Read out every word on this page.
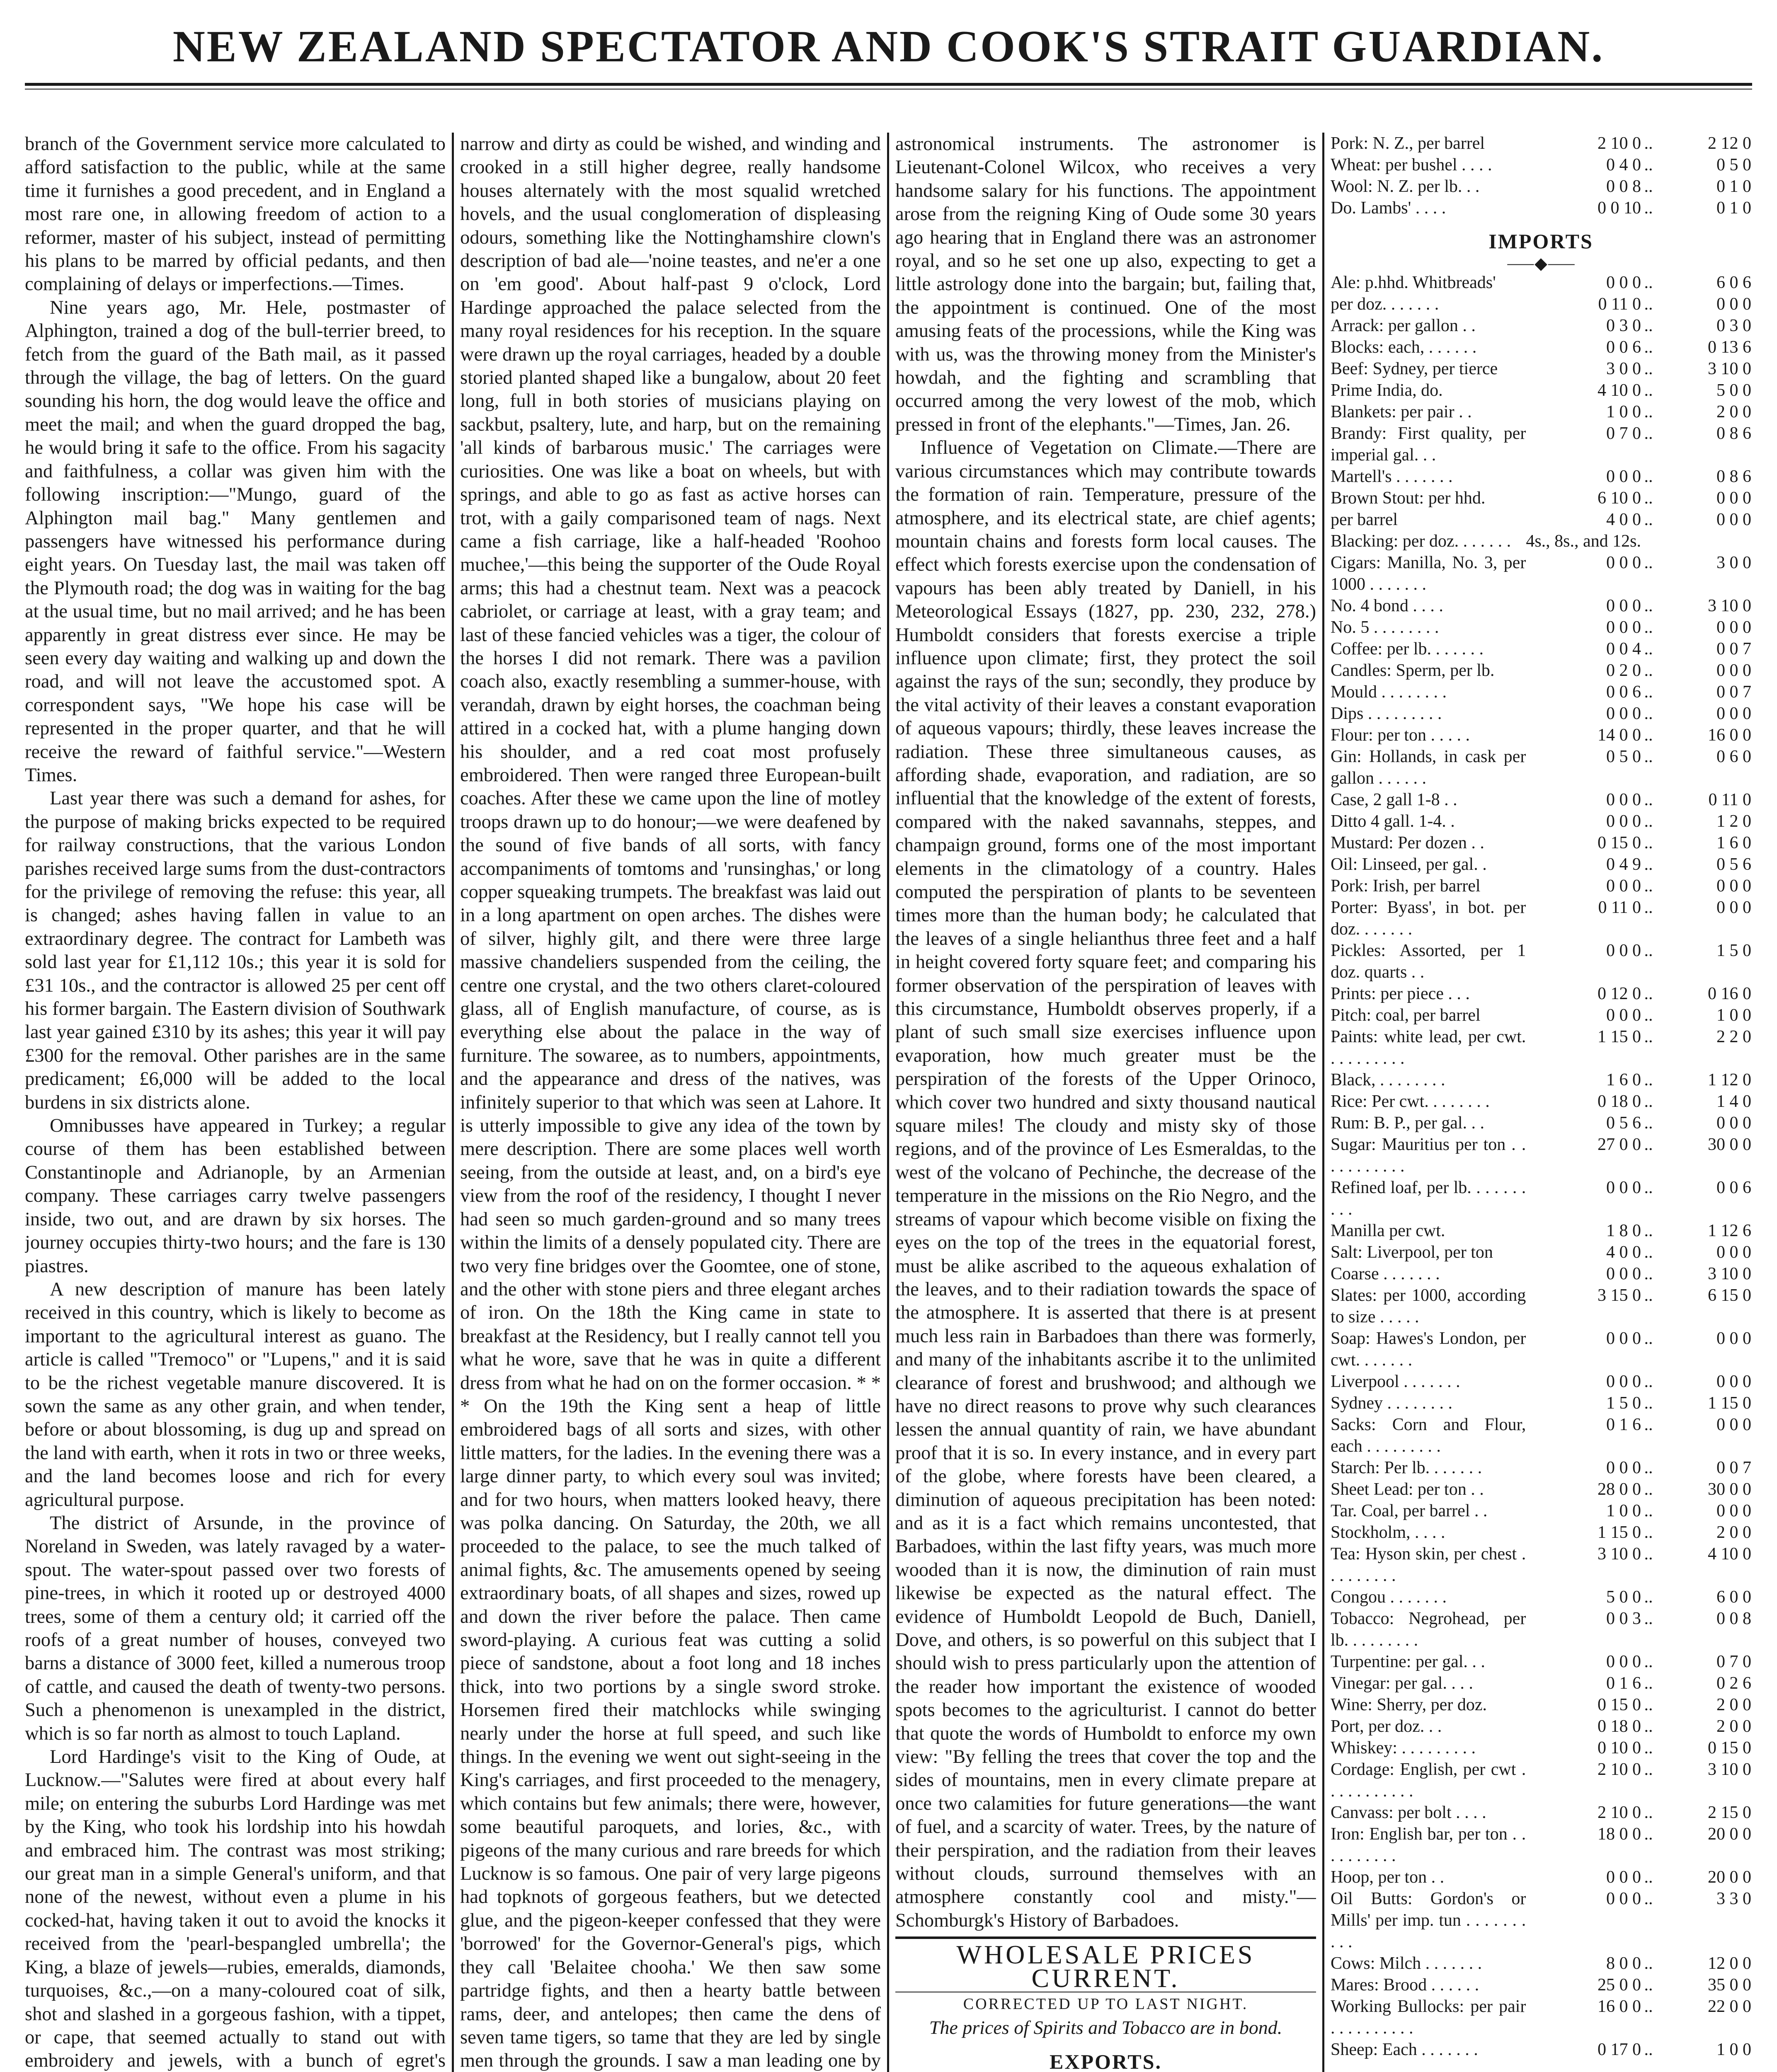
NEW ZEALAND SPECTATOR AND COOK'S STRAIT GUARDIAN.

branch of the Government service more calculated to afford satisfaction to the public, while at the same time it furnishes a good precedent, and in England a most rare one, in allowing freedom of action to a reformer, master of his subject, instead of permitting his plans to be marred by official pedants, and then complaining of delays or imperfections.—Times.

Nine years ago, Mr. Hele, postmaster of Alphington, trained a dog of the bull-terrier breed, to fetch from the guard of the Bath mail, as it passed through the village, the bag of letters. On the guard sounding his horn, the dog would leave the office and meet the mail; and when the guard dropped the bag, he would bring it safe to the office. From his sagacity and faithfulness, a collar was given him with the following inscription:—"Mungo, guard of the Alphington mail bag." Many gentlemen and passengers have witnessed his performance during eight years. On Tuesday last, the mail was taken off the Plymouth road; the dog was in waiting for the bag at the usual time, but no mail arrived; and he has been apparently in great distress ever since. He may be seen every day waiting and walking up and down the road, and will not leave the accustomed spot. A correspondent says, "We hope his case will be represented in the proper quarter, and that he will receive the reward of faithful service."—Western Times.

Last year there was such a demand for ashes, for the purpose of making bricks expected to be required for railway constructions, that the various London parishes received large sums from the dust-contractors for the privilege of removing the refuse: this year, all is changed; ashes having fallen in value to an extraordinary degree. The contract for Lambeth was sold last year for £1,112 10s.; this year it is sold for £31 10s., and the contractor is allowed 25 per cent off his former bargain. The Eastern division of Southwark last year gained £310 by its ashes; this year it will pay £300 for the removal. Other parishes are in the same predicament; £6,000 will be added to the local burdens in six districts alone.

Omnibusses have appeared in Turkey; a regular course of them has been established between Constantinople and Adrianople, by an Armenian company. These carriages carry twelve passengers inside, two out, and are drawn by six horses. The journey occupies thirty-two hours; and the fare is 130 piastres.

A new description of manure has been lately received in this country, which is likely to become as important to the agricultural interest as guano. The article is called "Tremoco" or "Lupens," and it is said to be the richest vegetable manure discovered. It is sown the same as any other grain, and when tender, before or about blossoming, is dug up and spread on the land with earth, when it rots in two or three weeks, and the land becomes loose and rich for every agricultural purpose.

The district of Arsunde, in the province of Noreland in Sweden, was lately ravaged by a water-spout. The water-spout passed over two forests of pine-trees, in which it rooted up or destroyed 4000 trees, some of them a century old; it carried off the roofs of a great number of houses, conveyed two barns a distance of 3000 feet, killed a numerous troop of cattle, and caused the death of twenty-two persons. Such a phenomenon is unexampled in the district, which is so far north as almost to touch Lapland.

Lord Hardinge's visit to the King of Oude, at Lucknow.—"Salutes were fired at about every half mile; on entering the suburbs Lord Hardinge was met by the King, who took his lordship into his howdah and embraced him. The contrast was most striking; our great man in a simple General's uniform, and that none of the newest, without even a plume in his cocked-hat, having taken it out to avoid the knocks it received from the 'pearl-bespangled umbrella'; the King, a blaze of jewels—rubies, emeralds, diamonds, turquoises, &c.,—on a many-coloured coat of silk, shot and slashed in a gorgeous fashion, with a tippet, or cape, that seemed actually to stand out with embroidery and jewels, with a bunch of egret's

narrow and dirty as could be wished, and winding and crooked in a still higher degree, really handsome houses alternately with the most squalid wretched hovels, and the usual conglomeration of displeasing odours, something like the Nottinghamshire clown's description of bad ale—'noine teastes, and ne'er a one on 'em good'. About half-past 9 o'clock, Lord Hardinge approached the palace selected from the many royal residences for his reception. In the square were drawn up the royal carriages, headed by a double storied planted shaped like a bungalow, about 20 feet long, full in both stories of musicians playing on sackbut, psaltery, lute, and harp, but on the remaining 'all kinds of barbarous music.' The carriages were curiosities. One was like a boat on wheels, but with springs, and able to go as fast as active horses can trot, with a gaily comparisoned team of nags. Next came a fish carriage, like a half-headed 'Roohoo muchee,'—this being the supporter of the Oude Royal arms; this had a chestnut team. Next was a peacock cabriolet, or carriage at least, with a gray team; and last of these fancied vehicles was a tiger, the colour of the horses I did not remark. There was a pavilion coach also, exactly resembling a summer-house, with verandah, drawn by eight horses, the coachman being attired in a cocked hat, with a plume hanging down his shoulder, and a red coat most profusely embroidered. Then were ranged three European-built coaches. After these we came upon the line of motley troops drawn up to do honour;—we were deafened by the sound of five bands of all sorts, with fancy accompaniments of tomtoms and 'runsinghas,' or long copper squeaking trumpets. The breakfast was laid out in a long apartment on open arches. The dishes were of silver, highly gilt, and there were three large massive chandeliers suspended from the ceiling, the centre one crystal, and the two others claret-coloured glass, all of English manufacture, of course, as is everything else about the palace in the way of furniture. The sowaree, as to numbers, appointments, and the appearance and dress of the natives, was infinitely superior to that which was seen at Lahore. It is utterly impossible to give any idea of the town by mere description. There are some places well worth seeing, from the outside at least, and, on a bird's eye view from the roof of the residency, I thought I never had seen so much garden-ground and so many trees within the limits of a densely populated city. There are two very fine bridges over the Goomtee, one of stone, and the other with stone piers and three elegant arches of iron. On the 18th the King came in state to breakfast at the Residency, but I really cannot tell you what he wore, save that he was in quite a different dress from what he had on on the former occasion. * * * On the 19th the King sent a heap of little embroidered bags of all sorts and sizes, with other little matters, for the ladies. In the evening there was a large dinner party, to which every soul was invited; and for two hours, when matters looked heavy, there was polka dancing. On Saturday, the 20th, we all proceeded to the palace, to see the much talked of animal fights, &c. The amusements opened by seeing extraordinary boats, of all shapes and sizes, rowed up and down the river before the palace. Then came sword-playing. A curious feat was cutting a solid piece of sandstone, about a foot long and 18 inches thick, into two portions by a single sword stroke. Horsemen fired their matchlocks while swinging nearly under the horse at full speed, and such like things. In the evening we went out sight-seeing in the King's carriages, and first proceeded to the menagery, which contains but few animals; there were, however, some beautiful paroquets, and lories, &c., with pigeons of the many curious and rare breeds for which Lucknow is so famous. One pair of very large pigeons had topknots of gorgeous feathers, but we detected glue, and the pigeon-keeper confessed that they were 'borrowed' for the Governor-General's pigs, which they call 'Belaitee chooha.' We then saw some partridge fights, and then a hearty battle between rams, deer, and antelopes; then came the dens of seven tame tigers, so tame that they are led by single men through the grounds. I saw a man leading one by

astronomical instruments. The astronomer is Lieutenant-Colonel Wilcox, who receives a very handsome salary for his functions. The appointment arose from the reigning King of Oude some 30 years ago hearing that in England there was an astronomer royal, and so he set one up also, expecting to get a little astrology done into the bargain; but, failing that, the appointment is continued. One of the most amusing feats of the processions, while the King was with us, was the throwing money from the Minister's howdah, and the fighting and scrambling that occurred among the very lowest of the mob, which pressed in front of the elephants."—Times, Jan. 26.

Influence of Vegetation on Climate.—There are various circumstances which may contribute towards the formation of rain. Temperature, pressure of the atmosphere, and its electrical state, are chief agents; mountain chains and forests form local causes. The effect which forests exercise upon the condensation of vapours has been ably treated by Daniell, in his Meteorological Essays (1827, pp. 230, 232, 278.) Humboldt considers that forests exercise a triple influence upon climate; first, they protect the soil against the rays of the sun; secondly, they produce by the vital activity of their leaves a constant evaporation of aqueous vapours; thirdly, these leaves increase the radiation. These three simultaneous causes, as affording shade, evaporation, and radiation, are so influential that the knowledge of the extent of forests, compared with the naked savannahs, steppes, and champaign ground, forms one of the most important elements in the climatology of a country. Hales computed the perspiration of plants to be seventeen times more than the human body; he calculated that the leaves of a single helianthus three feet and a half in height covered forty square feet; and comparing his former observation of the perspiration of leaves with this circumstance, Humboldt observes properly, if a plant of such small size exercises influence upon evaporation, how much greater must be the perspiration of the forests of the Upper Orinoco, which cover two hundred and sixty thousand nautical square miles! The cloudy and misty sky of those regions, and of the province of Les Esmeraldas, to the west of the volcano of Pechinche, the decrease of the temperature in the missions on the Rio Negro, and the streams of vapour which become visible on fixing the eyes on the top of the trees in the equatorial forest, must be alike ascribed to the aqueous exhalation of the leaves, and to their radiation towards the space of the atmosphere. It is asserted that there is at present much less rain in Barbadoes than there was formerly, and many of the inhabitants ascribe it to the unlimited clearance of forest and brushwood; and although we have no direct reasons to prove why such clearances lessen the annual quantity of rain, we have abundant proof that it is so. In every instance, and in every part of the globe, where forests have been cleared, a diminution of aqueous precipitation has been noted: and as it is a fact which remains uncontested, that Barbadoes, within the last fifty years, was much more wooded than it is now, the diminution of rain must likewise be expected as the natural effect. The evidence of Humboldt Leopold de Buch, Daniell, Dove, and others, is so powerful on this subject that I should wish to press particularly upon the attention of the reader how important the existence of wooded spots becomes to the agriculturist. I cannot do better that quote the words of Humboldt to enforce my own view: "By felling the trees that cover the top and the sides of mountains, men in every climate prepare at once two calamities for future generations—the want of fuel, and a scarcity of water. Trees, by the nature of their perspiration, and the radiation from their leaves without clouds, surround themselves with an atmosphere constantly cool and misty."—Schomburgk's History of Barbadoes.

WHOLESALE PRICES CURRENT.
CORRECTED UP TO LAST NIGHT.
The prices of Spirits and Tobacco are in bond.
EXPORTS.

Pork: N. Z., per barrel	2 10 0	..	2 12 0
Wheat: per bushel . . . .	0 4 0	..	0 5 0
Wool: N. Z. per lb. . .	0 0 8	..	0 1 0
Do. Lambs' . . . .	0 0 10	..	0 1 0
IMPORTS
⸺◆⸺
Ale: p.hhd. Whitbreads'	0 0 0	..	6 0 6
per doz. . . . . . .	0 11 0	..	0 0 0
Arrack: per gallon . .	0 3 0	..	0 3 0
Blocks: each, . . . . . .	0 0 6	..	0 13 6
Beef: Sydney, per tierce	3 0 0	..	3 10 0
Prime India, do.	4 10 0	..	5 0 0
Blankets: per pair . .	1 0 0	..	2 0 0
Brandy: First quality, per imperial gal. . .	0 7 0	..	0 8 6
Martell's . . . . . . .	0 0 0	..	0 8 6
Brown Stout: per hhd.	6 10 0	..	0 0 0
per barrel	4 0 0	..	0 0 0
Blacking: per doz. . . . . . .	4s., 8s., and 12s.		
Cigars: Manilla, No. 3, per 1000 . . . . . . .	0 0 0	..	3 0 0
No. 4 bond . . . .	0 0 0	..	3 10 0
No. 5 . . . . . . . .	0 0 0	..	0 0 0
Coffee: per lb. . . . . . .	0 0 4	..	0 0 7
Candles: Sperm, per lb.	0 2 0	..	0 0 0
Mould . . . . . . . .	0 0 6	..	0 0 7
Dips . . . . . . . . .	0 0 0	..	0 0 0
Flour: per ton . . . . .	14 0 0	..	16 0 0
Gin: Hollands, in cask per gallon . . . . . .	0 5 0	..	0 6 0
Case, 2 gall 1-8 . .	0 0 0	..	0 11 0
Ditto 4 gall. 1-4. .	0 0 0	..	1 2 0
Mustard: Per dozen . .	0 15 0	..	1 6 0
Oil: Linseed, per gal. .	0 4 9	..	0 5 6
Pork: Irish, per barrel	0 0 0	..	0 0 0
Porter: Byass', in bot. per doz. . . . . . .	0 11 0	..	0 0 0
Pickles: Assorted, per 1 doz. quarts . .	0 0 0	..	1 5 0
Prints: per piece . . .	0 12 0	..	0 16 0
Pitch: coal, per barrel	0 0 0	..	1 0 0
Paints: white lead, per cwt. . . . . . . . . .	1 15 0	..	2 2 0
Black, . . . . . . . .	1 6 0	..	1 12 0
Rice: Per cwt. . . . . . . .	0 18 0	..	1 4 0
Rum: B. P., per gal. . .	0 5 6	..	0 0 0
Sugar: Mauritius per ton . . . . . . . . . . .	27 0 0	..	30 0 0
Refined loaf, per lb. . . . . . . . . .	0 0 0	..	0 0 6
Manilla per cwt.	1 8 0	..	1 12 6
Salt: Liverpool, per ton	4 0 0	..	0 0 0
Coarse . . . . . . .	0 0 0	..	3 10 0
Slates: per 1000, according to size . . . . .	3 15 0	..	6 15 0
Soap: Hawes's London, per cwt. . . . . . .	0 0 0	..	0 0 0
Liverpool . . . . . . .	0 0 0	..	0 0 0
Sydney . . . . . . . .	1 5 0	..	1 15 0
Sacks: Corn and Flour, each . . . . . . . . .	0 1 6	..	0 0 0
Starch: Per lb. . . . . . .	0 0 0	..	0 0 7
Sheet Lead: per ton . .	28 0 0	..	30 0 0
Tar. Coal, per barrel . .	1 0 0	..	0 0 0
Stockholm, . . . .	1 15 0	..	2 0 0
Tea: Hyson skin, per chest . . . . . . . . .	3 10 0	..	4 10 0
Congou . . . . . . .	5 0 0	..	6 0 0
Tobacco: Negrohead, per lb. . . . . . . . .	0 0 3	..	0 0 8
Turpentine: per gal. . .	0 0 0	..	0 7 0
Vinegar: per gal. . . .	0 1 6	..	0 2 6
Wine: Sherry, per doz.	0 15 0	..	2 0 0
Port, per doz. . .	0 18 0	..	2 0 0
Whiskey: . . . . . . . . .	0 10 0	..	0 15 0
Cordage: English, per cwt . . . . . . . . . . .	2 10 0	..	3 10 0
Canvass: per bolt . . . .	2 10 0	..	2 15 0
Iron: English bar, per ton . . . . . . . . . .	18 0 0	..	20 0 0
Hoop, per ton . .	0 0 0	..	20 0 0
Oil Butts: Gordon's or Mills' per imp. tun . . . . . . . . . .	0 0 0	..	3 3 0
Cows: Milch . . . . . . .	8 0 0	..	12 0 0
Mares: Brood . . . . . .	25 0 0	..	35 0 0
Working Bullocks: per pair . . . . . . . . . .	16 0 0	..	22 0 0
Sheep: Each . . . . . . .	0 17 0	..	1 0 0
